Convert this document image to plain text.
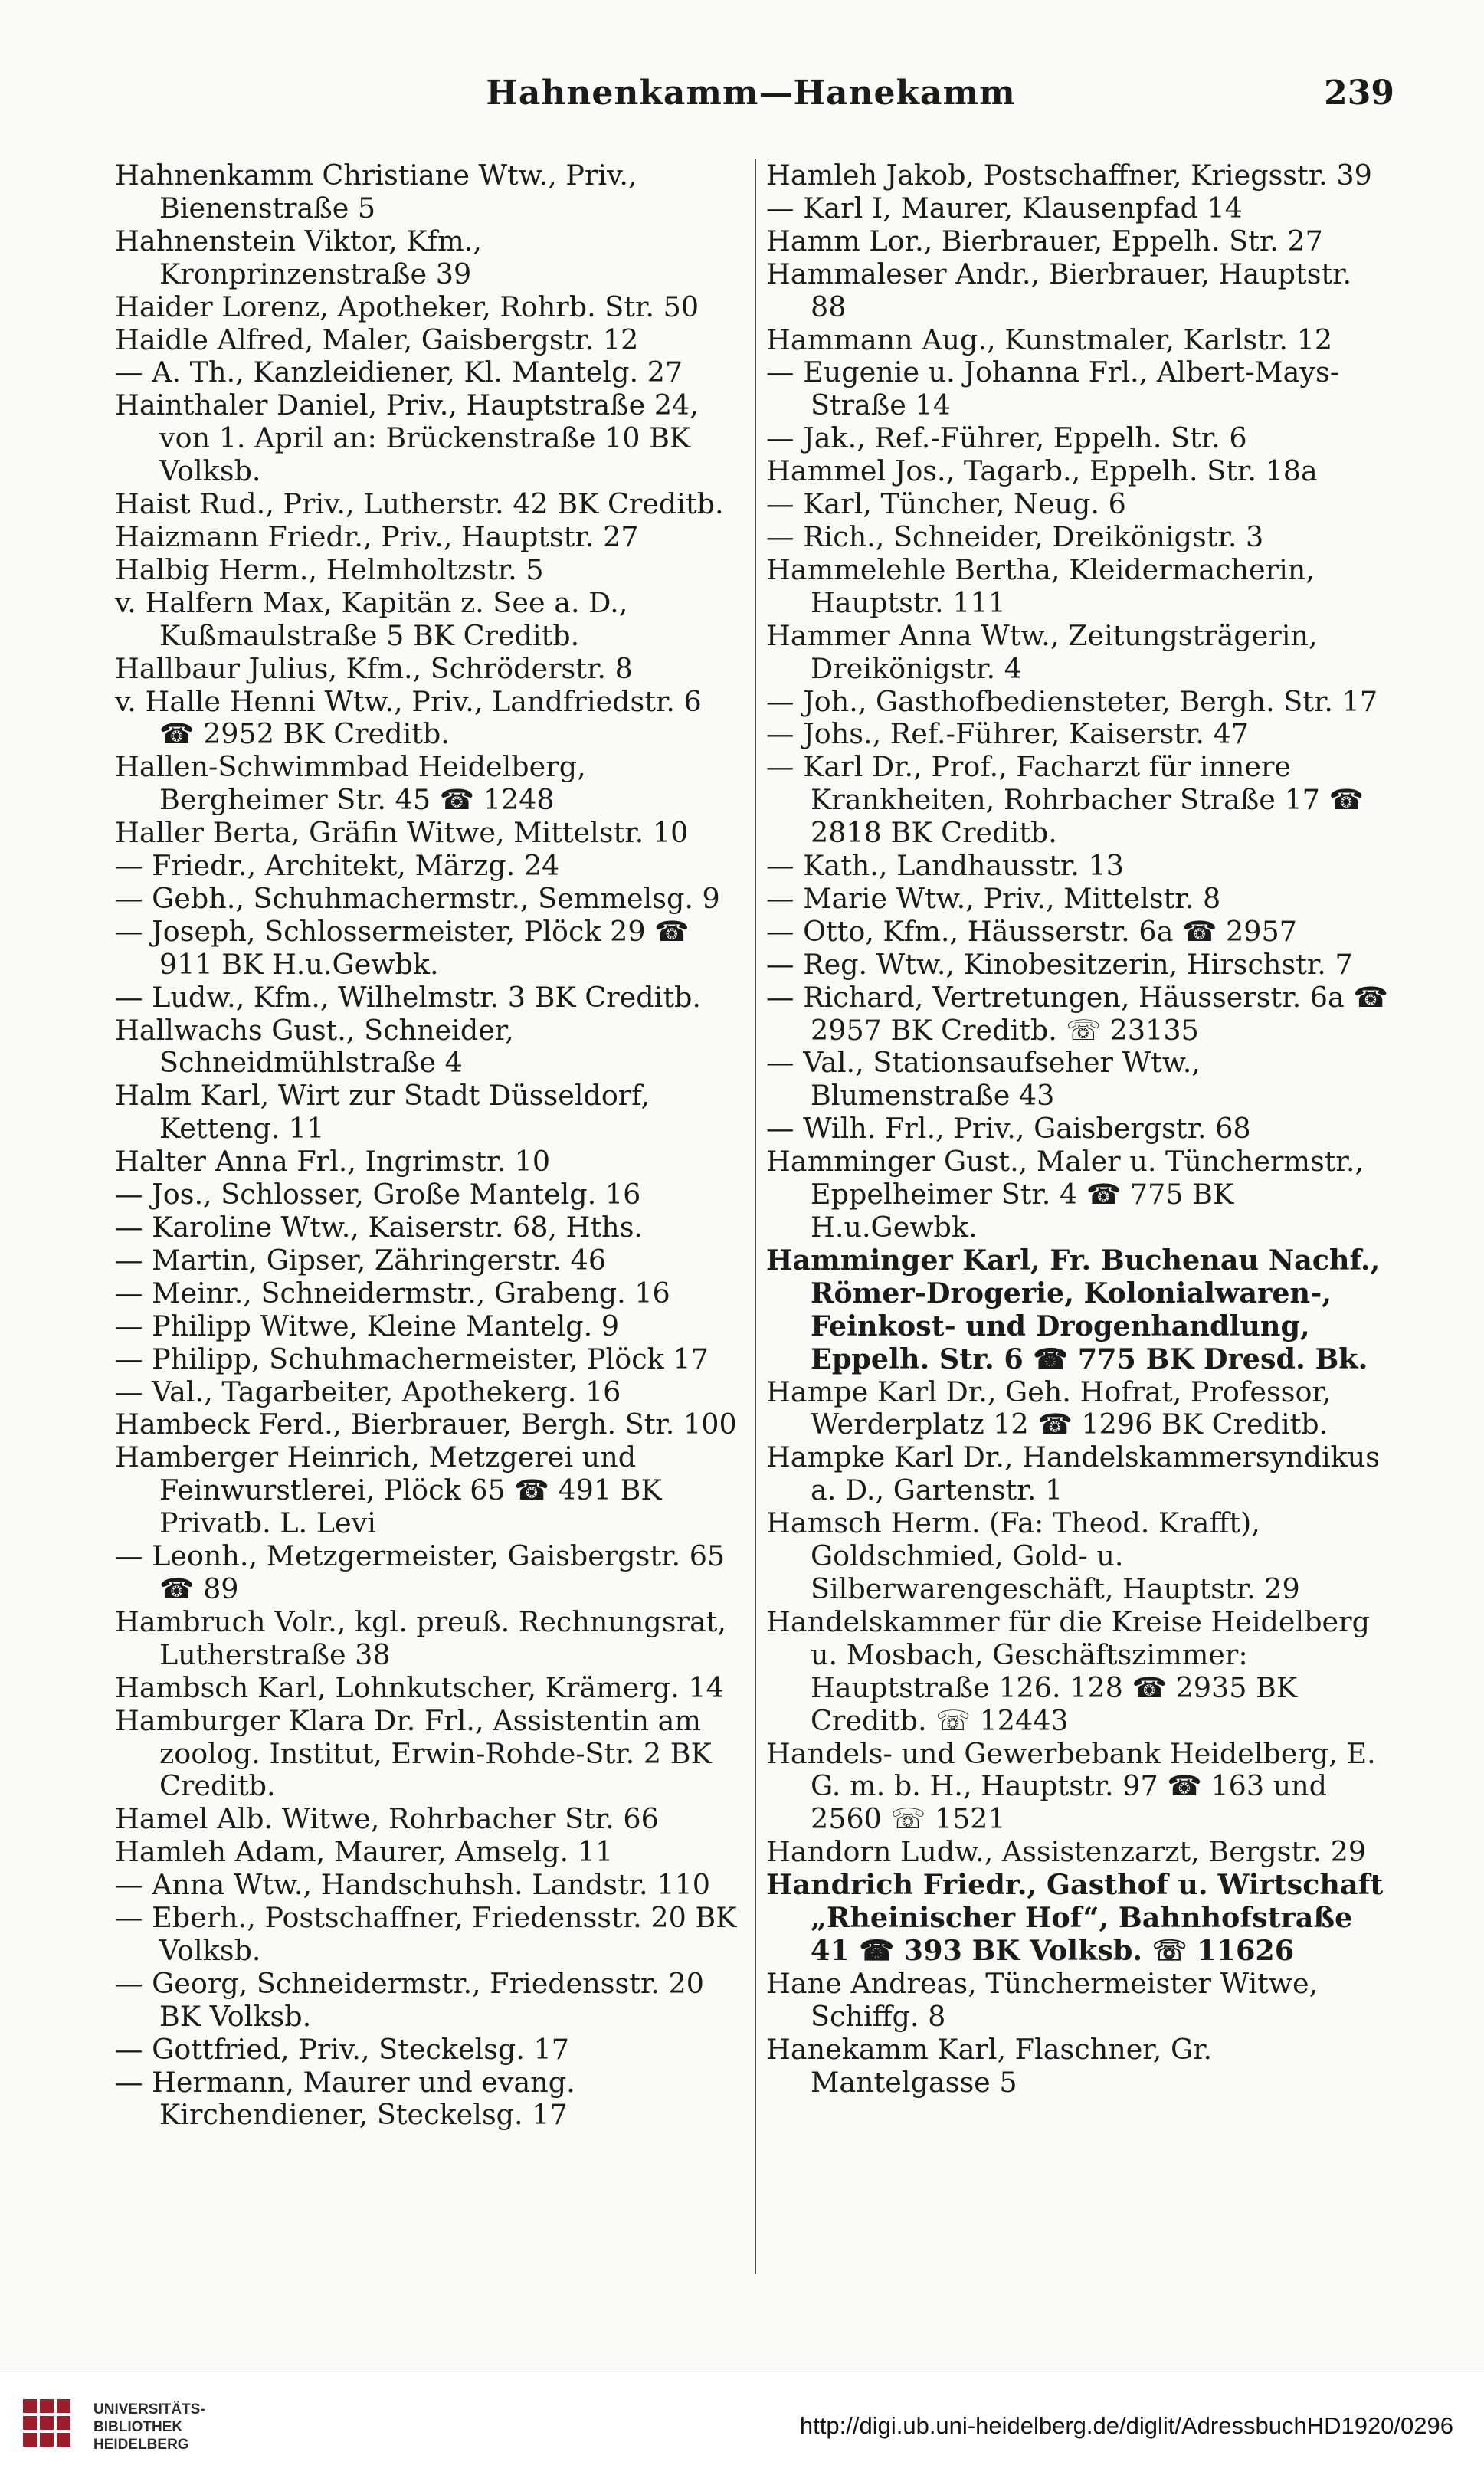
Hahnenkamm—Hanekamm	239
Hahnenkamm Christiane Wtw., Priv., Bienenstraße 5
Hahnenstein Viktor, Kfm., Kronprinzenstraße 39
Haider Lorenz, Apotheker, Rohrb. Str. 50
Haidle Alfred, Maler, Gaisbergstr. 12
— A. Th., Kanzleidiener, Kl. Mantelg. 27
Hainthaler Daniel, Priv., Hauptstraße 24, von 1. April an: Brückenstraße 10 BK Volksb.
Haist Rud., Priv., Lutherstr. 42 BK Creditb.
Haizmann Friedr., Priv., Hauptstr. 27
Halbig Herm., Helmholtzstr. 5
v. Halfern Max, Kapitän z. See a. D., Kußmaulstraße 5 BK Creditb.
Hallbaur Julius, Kfm., Schröderstr. 8
v. Halle Henni Wtw., Priv., Landfriedstr. 6 ☎ 2952 BK Creditb.
Hallen-Schwimmbad Heidelberg, Bergheimer Str. 45 ☎ 1248
Haller Berta, Gräfin Witwe, Mittelstr. 10
— Friedr., Architekt, Märzg. 24
— Gebh., Schuhmachermstr., Semmelsg. 9
— Joseph, Schlossermeister, Plöck 29 ☎ 911 BK H.u.Gewbk.
— Ludw., Kfm., Wilhelmstr. 3 BK Creditb.
Hallwachs Gust., Schneider, Schneidmühlstraße 4
Halm Karl, Wirt zur Stadt Düsseldorf, Ketteng. 11
Halter Anna Frl., Ingrimstr. 10
— Jos., Schlosser, Große Mantelg. 16
— Karoline Wtw., Kaiserstr. 68, Hths.
— Martin, Gipser, Zähringerstr. 46
— Meinr., Schneidermstr., Grabeng. 16
— Philipp Witwe, Kleine Mantelg. 9
— Philipp, Schuhmachermeister, Plöck 17
— Val., Tagarbeiter, Apothekerg. 16
Hambeck Ferd., Bierbrauer, Bergh. Str. 100
Hamberger Heinrich, Metzgerei und Feinwurstlerei, Plöck 65 ☎ 491 BK Privatb. L. Levi
— Leonh., Metzgermeister, Gaisbergstr. 65 ☎ 89
Hambruch Volr., kgl. preuß. Rechnungsrat, Lutherstraße 38
Hambsch Karl, Lohnkutscher, Krämerg. 14
Hamburger Klara Dr. Frl., Assistentin am zoolog. Institut, Erwin-Rohde-Str. 2 BK Creditb.
Hamel Alb. Witwe, Rohrbacher Str. 66
Hamleh Adam, Maurer, Amselg. 11
— Anna Wtw., Handschuhsh. Landstr. 110
— Eberh., Postschaffner, Friedensstr. 20 BK Volksb.
— Georg, Schneidermstr., Friedensstr. 20 BK Volksb.
— Gottfried, Priv., Steckelsg. 17
— Hermann, Maurer und evang. Kirchendiener, Steckelsg. 17
Hamleh Jakob, Postschaffner, Kriegsstr. 39
— Karl I, Maurer, Klausenpfad 14
Hamm Lor., Bierbrauer, Eppelh. Str. 27
Hammaleser Andr., Bierbrauer, Hauptstr. 88
Hammann Aug., Kunstmaler, Karlstr. 12
— Eugenie u. Johanna Frl., Albert-Mays-Straße 14
— Jak., Ref.-Führer, Eppelh. Str. 6
Hammel Jos., Tagarb., Eppelh. Str. 18a
— Karl, Tüncher, Neug. 6
— Rich., Schneider, Dreikönigstr. 3
Hammelehle Bertha, Kleidermacherin, Hauptstr. 111
Hammer Anna Wtw., Zeitungsträgerin, Dreikönigstr. 4
— Joh., Gasthofbediensteter, Bergh. Str. 17
— Johs., Ref.-Führer, Kaiserstr. 47
— Karl Dr., Prof., Facharzt für innere Krankheiten, Rohrbacher Straße 17 ☎ 2818 BK Creditb.
— Kath., Landhausstr. 13
— Marie Wtw., Priv., Mittelstr. 8
— Otto, Kfm., Häusserstr. 6a ☎ 2957
— Reg. Wtw., Kinobesitzerin, Hirschstr. 7
— Richard, Vertretungen, Häusserstr. 6a ☎ 2957 BK Creditb. ☏ 23135
— Val., Stationsaufseher Wtw., Blumenstraße 43
— Wilh. Frl., Priv., Gaisbergstr. 68
Hamminger Gust., Maler u. Tünchermstr., Eppelheimer Str. 4 ☎ 775 BK H.u.Gewbk.
Hamminger Karl, Fr. Buchenau Nachf., Römer-Drogerie, Kolonialwaren-, Feinkost- und Drogenhandlung, Eppelh. Str. 6 ☎ 775 BK Dresd. Bk.
Hampe Karl Dr., Geh. Hofrat, Professor, Werderplatz 12 ☎ 1296 BK Creditb.
Hampke Karl Dr., Handelskammersyndikus a. D., Gartenstr. 1
Hamsch Herm. (Fa: Theod. Krafft), Goldschmied, Gold- u. Silberwarengeschäft, Hauptstr. 29
Handelskammer für die Kreise Heidelberg u. Mosbach, Geschäftszimmer: Hauptstraße 126. 128 ☎ 2935 BK Creditb. ☏ 12443
Handels- und Gewerbebank Heidelberg, E. G. m. b. H., Hauptstr. 97 ☎ 163 und 2560 ☏ 1521
Handorn Ludw., Assistenzarzt, Bergstr. 29
Handrich Friedr., Gasthof u. Wirtschaft „Rheinischer Hof“, Bahnhofstraße 41 ☎ 393 BK Volksb. ☏ 11626
Hane Andreas, Tünchermeister Witwe, Schiffg. 8
Hanekamm Karl, Flaschner, Gr. Mantelgasse 5
UNIVERSITÄTS-
BIBLIOTHEK
HEIDELBERG
http://digi.ub.uni-heidelberg.de/diglit/AdressbuchHD1920/0296
